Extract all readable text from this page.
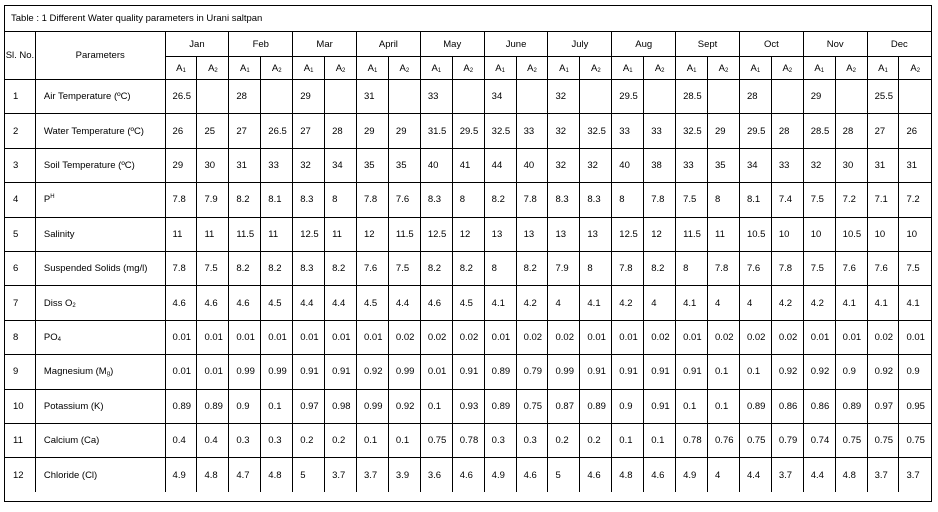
Table : 1 Different Water quality parameters in Urani saltpan
Sl. No.	Parameters	Jan		Feb		Mar		April		May		June		July		Aug		Sept		Oct		Nov		Dec	
		A1	A2	A1	A2	A1	A2	A1	A2	A1	A2	A1	A2	A1	A2	A1	A2	A1	A2	A1	A2	A1	A2	A1	A2
1	Air Temperature (ºC)	26.5		28		29		31		33		34		32		29.5		28.5		28		29		25.5	
2	Water Temperature (ºC)	26	25	27	26.5	27	28	29	29	31.5	29.5	32.5	33	32	32.5	33	33	32.5	29	29.5	28	28.5	28	27	26
3	Soil Temperature (ºC)	29	30	31	33	32	34	35	35	40	41	44	40	32	32	40	38	33	35	34	33	32	30	31	31
4	$P^H$	7.8	7.9	8.2	8.1	8.3	8	7.8	7.6	8.3	8	8.2	7.8	8.3	8.3	8	7.8	7.5	8	8.1	7.4	7.5	7.2	7.1	7.2
5	Salinity	11	11	11.5	11	12.5	11	12	11.5	12.5	12	13	13	13	13	12.5	12	11.5	11	10.5	10	10	10.5	10	10
6	Suspended Solids (mg/l)	7.8	7.5	8.2	8.2	8.3	8.2	7.6	7.5	8.2	8.2	8	8.2	7.9	8	7.8	8.2	8	7.8	7.6	7.8	7.5	7.6	7.6	7.5
7	Diss O2	4.6	4.6	4.6	4.5	4.4	4.4	4.5	4.4	4.6	4.5	4.1	4.2	4	4.1	4.2	4	4.1	4	4	4.2	4.2	4.1	4.1	4.1
8	PO4	0.01	0.01	0.01	0.01	0.01	0.01	0.01	0.02	0.02	0.02	0.01	0.02	0.02	0.01	0.01	0.02	0.01	0.02	0.02	0.02	0.01	0.01	0.02	0.01
9	Magnesium (Mg)	0.01	0.01	0.99	0.99	0.91	0.91	0.92	0.99	0.01	0.91	0.89	0.79	0.99	0.91	0.91	0.91	0.91	0.1	0.1	0.92	0.92	0.9	0.92	0.9
10	Potassium (K)	0.89	0.89	0.9	0.1	0.97	0.98	0.99	0.92	0.1	0.93	0.89	0.75	0.87	0.89	0.9	0.91	0.1	0.1	0.89	0.86	0.86	0.89	0.97	0.95
11	Calcium (Ca)	0.4	0.4	0.3	0.3	0.2	0.2	0.1	0.1	0.75	0.78	0.3	0.3	0.2	0.2	0.1	0.1	0.78	0.76	0.75	0.79	0.74	0.75	0.75	0.75
12	Chloride (Cl)	4.9	4.8	4.7	4.8	5	3.7	3.7	3.9	3.6	4.6	4.9	4.6	5	4.6	4.8	4.6	4.9	4	4.4	3.7	4.4	4.8	3.7	3.7
